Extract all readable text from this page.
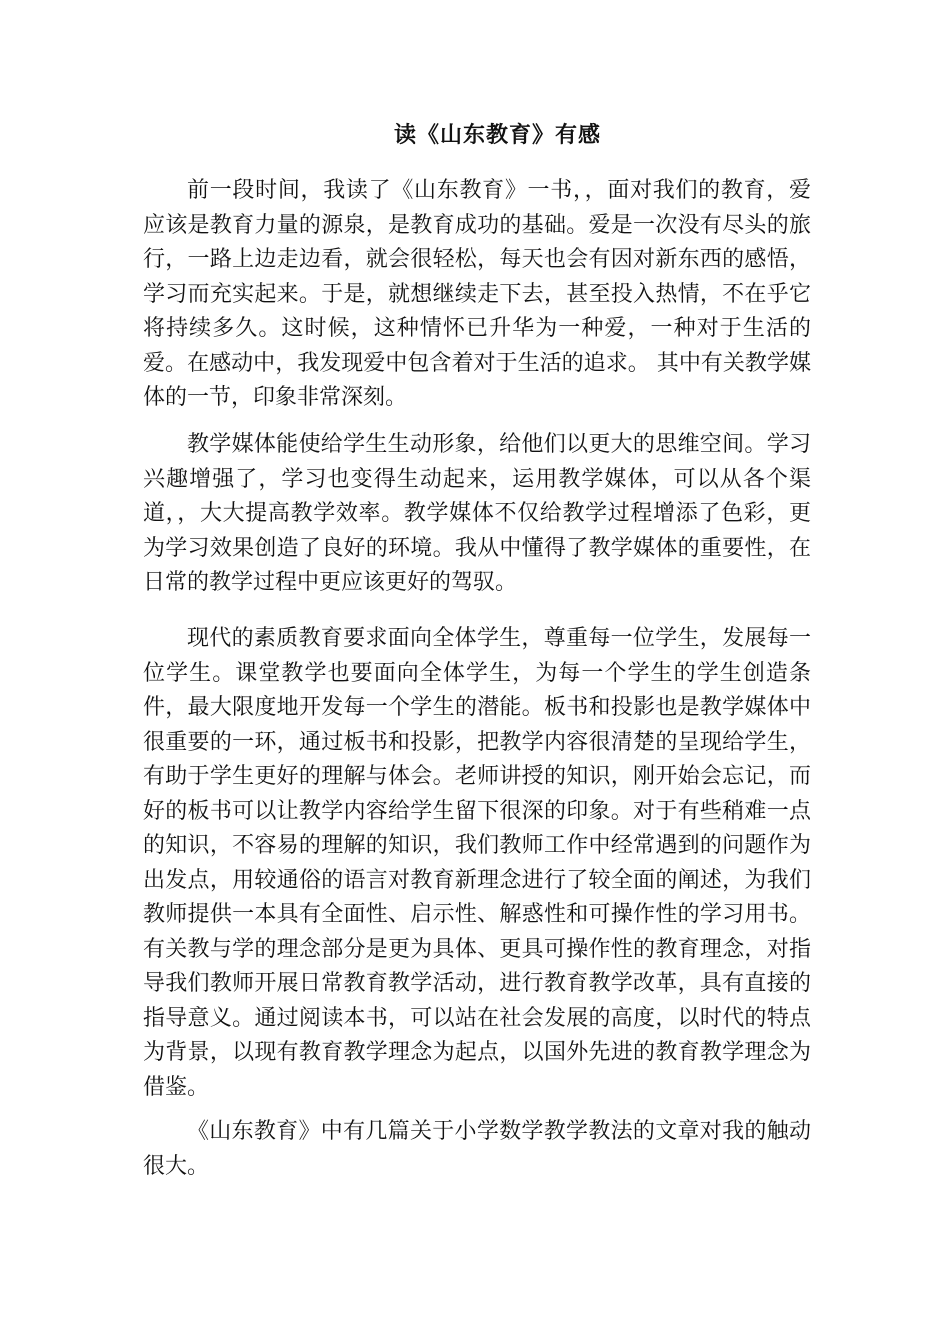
读《山东教育》有感

前一段时间，我读了《山东教育》一书，，面对我们的教育，爱应该是教育力量的源泉，是教育成功的基础。爱是一次没有尽头的旅行，一路上边走边看，就会很轻松，每天也会有因对新东西的感悟，学习而充实起来。于是，就想继续走下去，甚至投入热情，不在乎它将持续多久。这时候，这种情怀已升华为一种爱，一种对于生活的爱。在感动中，我发现爱中包含着对于生活的追求。 其中有关教学媒体的一节，印象非常深刻。

教学媒体能使给学生生动形象，给他们以更大的思维空间。学习兴趣增强了，学习也变得生动起来，运用教学媒体，可以从各个渠道，，大大提高教学效率。教学媒体不仅给教学过程增添了色彩，更为学习效果创造了良好的环境。我从中懂得了教学媒体的重要性，在日常的教学过程中更应该更好的驾驭。

现代的素质教育要求面向全体学生，尊重每一位学生，发展每一位学生。课堂教学也要面向全体学生，为每一个学生的学生创造条件，最大限度地开发每一个学生的潜能。板书和投影也是教学媒体中很重要的一环，通过板书和投影，把教学内容很清楚的呈现给学生，有助于学生更好的理解与体会。老师讲授的知识，刚开始会忘记，而好的板书可以让教学内容给学生留下很深的印象。对于有些稍难一点的知识，不容易的理解的知识，我们教师工作中经常遇到的问题作为出发点，用较通俗的语言对教育新理念进行了较全面的阐述，为我们教师提供一本具有全面性、启示性、解惑性和可操作性的学习用书。有关教与学的理念部分是更为具体、更具可操作性的教育理念，对指导我们教师开展日常教育教学活动，进行教育教学改革，具有直接的指导意义。通过阅读本书，可以站在社会发展的高度，以时代的特点为背景，以现有教育教学理念为起点，以国外先进的教育教学理念为借鉴。

《山东教育》中有几篇关于小学数学教学教法的文章对我的触动很大。
